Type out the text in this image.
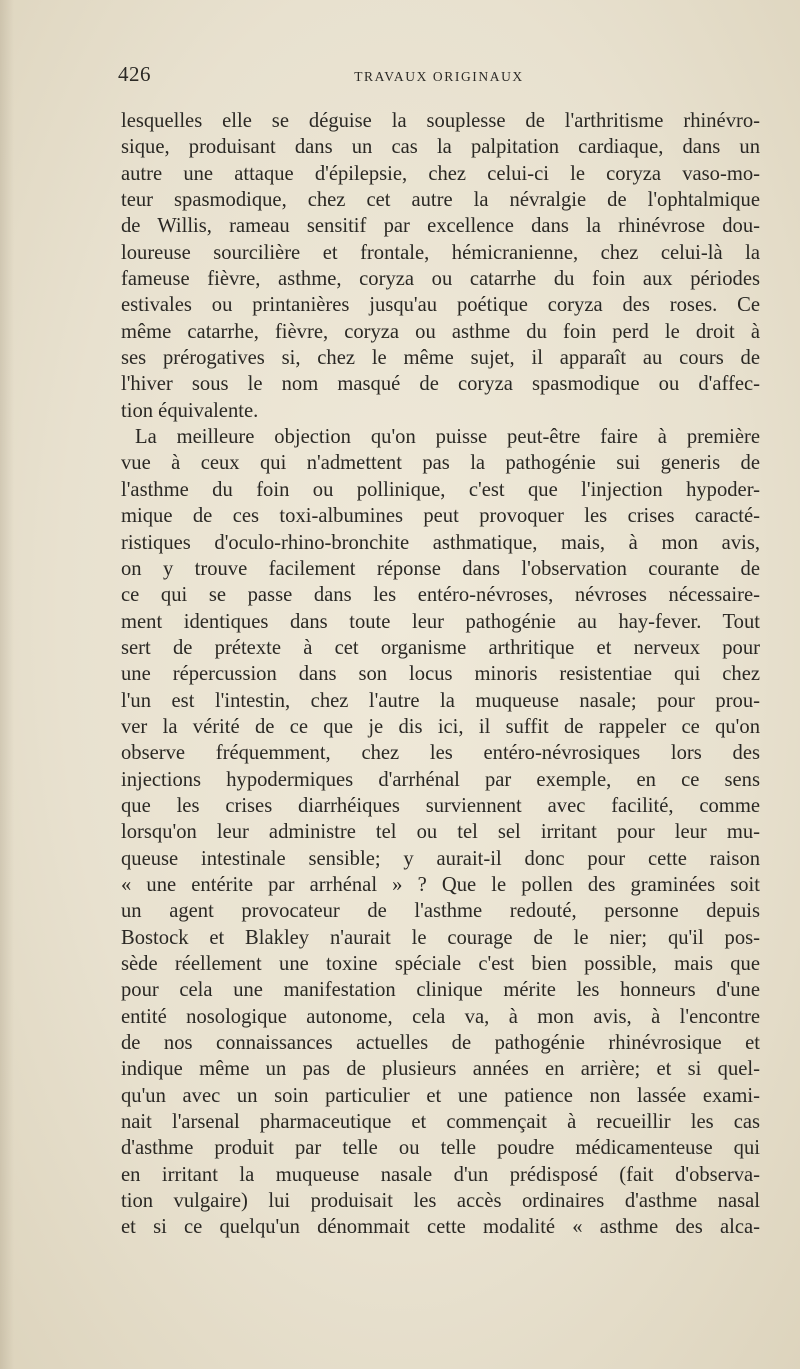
426	TRAVAUX ORIGINAUX
lesquelles elle se déguise la souplesse de l'arthritisme rhinévro-
sique, produisant dans un cas la palpitation cardiaque, dans un
autre une attaque d'épilepsie, chez celui-ci le coryza vaso-mo-
teur spasmodique, chez cet autre la névralgie de l'ophtalmique
de Willis, rameau sensitif par excellence dans la rhinévrose dou-
loureuse sourcilière et frontale, hémicranienne, chez celui-là la
fameuse fièvre, asthme, coryza ou catarrhe du foin aux périodes
estivales ou printanières jusqu'au poétique coryza des roses. Ce
même catarrhe, fièvre, coryza ou asthme du foin perd le droit à
ses prérogatives si, chez le même sujet, il apparaît au cours de
l'hiver sous le nom masqué de coryza spasmodique ou d'affec-
tion équivalente.
La meilleure objection qu'on puisse peut-être faire à première
vue à ceux qui n'admettent pas la pathogénie sui generis de
l'asthme du foin ou pollinique, c'est que l'injection hypoder-
mique de ces toxi-albumines peut provoquer les crises caracté-
ristiques d'oculo-rhino-bronchite asthmatique, mais, à mon avis,
on y trouve facilement réponse dans l'observation courante de
ce qui se passe dans les entéro-névroses, névroses nécessaire-
ment identiques dans toute leur pathogénie au hay-fever. Tout
sert de prétexte à cet organisme arthritique et nerveux pour
une répercussion dans son locus minoris resistentiae qui chez
l'un est l'intestin, chez l'autre la muqueuse nasale; pour prou-
ver la vérité de ce que je dis ici, il suffit de rappeler ce qu'on
observe fréquemment, chez les entéro-névrosiques lors des
injections hypodermiques d'arrhénal par exemple, en ce sens
que les crises diarrhéiques surviennent avec facilité, comme
lorsqu'on leur administre tel ou tel sel irritant pour leur mu-
queuse intestinale sensible; y aurait-il donc pour cette raison
« une entérite par arrhénal » ? Que le pollen des graminées soit
un agent provocateur de l'asthme redouté, personne depuis
Bostock et Blakley n'aurait le courage de le nier; qu'il pos-
sède réellement une toxine spéciale c'est bien possible, mais que
pour cela une manifestation clinique mérite les honneurs d'une
entité nosologique autonome, cela va, à mon avis, à l'encontre
de nos connaissances actuelles de pathogénie rhinévrosique et
indique même un pas de plusieurs années en arrière; et si quel-
qu'un avec un soin particulier et une patience non lassée exami-
nait l'arsenal pharmaceutique et commençait à recueillir les cas
d'asthme produit par telle ou telle poudre médicamenteuse qui
en irritant la muqueuse nasale d'un prédisposé (fait d'observa-
tion vulgaire) lui produisait les accès ordinaires d'asthme nasal
et si ce quelqu'un dénommait cette modalité « asthme des alca-
